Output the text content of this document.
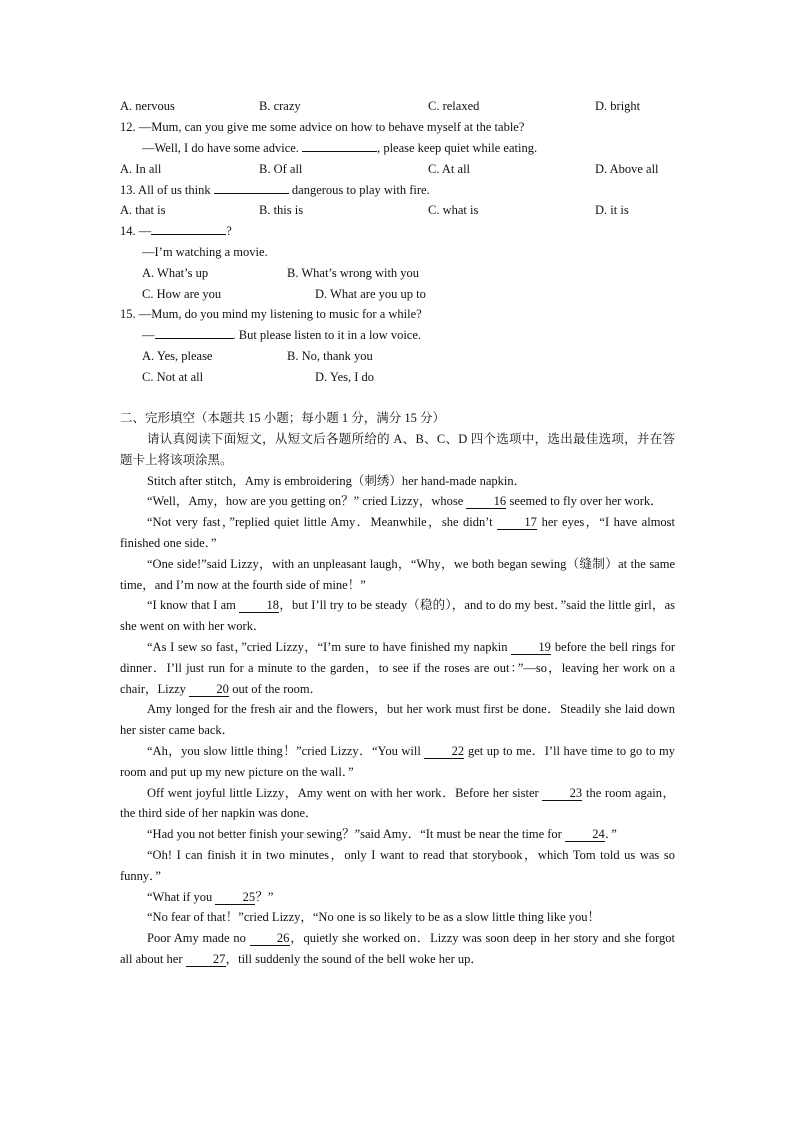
A. nervous	B. crazy	C. relaxed	D. bright
12. —Mum, can you give me some advice on how to behave myself at the table?
—Well, I do have some advice.	, please keep quiet while eating.
A. In all	B. Of all	C. At all	D. Above all
13. All of us think	dangerous to play with fire.
A. that is	B. this is	C. what is	D. it is
14. —	?
—I’m watching a movie.
A. What’s up	B. What’s wrong with you
C. How are you	D. What are you up to
15. —Mum, do you mind my listening to music for a while?
—	. But please listen to it in a low voice.
A. Yes, please	B. No, thank you
C. Not at all	D. Yes, I do
二、完形填空（本题共 15 小题；每小题 1 分，满分 15 分）

请认真阅读下面短文，从短文后各题所给的 A、B、C、D 四个选项中，选出最佳选项，并在答题卡上将该项涂黑。

Stitch after stitch，Amy is embroidering（刺绣）her hand-made napkin．

“Well，Amy，how are you getting on？” cried Lizzy，whose 16 seemed to fly over her work．

“Not very fast，”replied quiet little Amy．Meanwhile，she didn’t	17 her eyes，“I have almost finished one side．”

“One side!”said Lizzy，with an unpleasant laugh，“Why，we both began sewing（缝制）at the same time，and I’m now at the fourth side of mine！”

“I know that I am 18，but I’ll try to be steady（稳的），and to do my best．”said the little girl，as she went on with her work．

“As I sew so fast，”cried Lizzy，“I’m sure to have finished my napkin 19 before the bell rings for dinner．I’ll just run for a minute to the garden，to see if the roses are out：”—so，leaving her work on a chair，Lizzy 20 out of the room．

Amy longed for the fresh air and the flowers，but her work must first be done．Steadily she laid down her sister came back．

“Ah，you slow little thing！”cried Lizzy．“You will 22 get up to me．I’ll have time to go to my room and put up my new picture on the wall．”

Off went joyful little Lizzy，Amy went on with her work．Before her sister 23 the room again，the third side of her napkin was done．

“Had you not better finish your sewing？”said Amy．“It must be near the time for 24．”

“Oh! I can finish it in two minutes，only I want to read that storybook，which Tom told us was so funny．”

“What if you 25？”

“No fear of that！”cried Lizzy，“No one is so likely to be as a slow little thing like you！

Poor Amy made no 26，quietly she worked on．Lizzy was soon deep in her story and she forgot all about her 27，till suddenly the sound of the bell woke her up．
